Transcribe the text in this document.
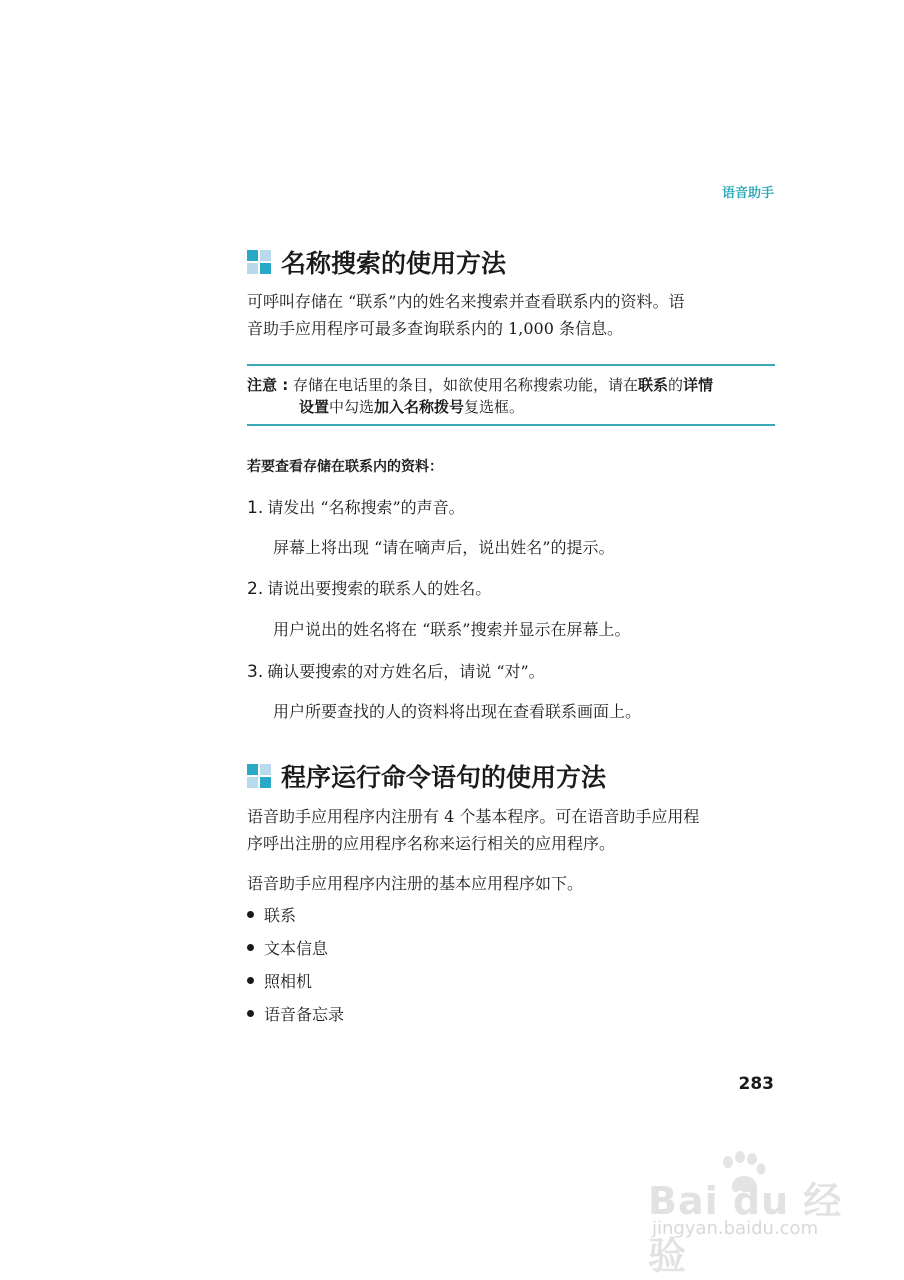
语音助手
名称搜索的使用方法
可呼叫存储在 “联系”内的姓名来搜索并查看联系内的资料。语
音助手应用程序可最多查询联系内的 1,000 条信息。
注意 : 存储在电话里的条目，如欲使用名称搜索功能，请在联系的详情
设置中勾选加入名称拨号复选框。
若要查看存储在联系内的资料：
1. 请发出 “名称搜索”的声音。
屏幕上将出现 “请在嘀声后，说出姓名”的提示。
2. 请说出要搜索的联系人的姓名。
用户说出的姓名将在 “联系”搜索并显示在屏幕上。
3. 确认要搜索的对方姓名后，请说 “对”。
用户所要查找的人的资料将出现在查看联系画面上。
程序运行命令语句的使用方法
语音助手应用程序内注册有 4 个基本程序。可在语音助手应用程
序呼出注册的应用程序名称来运行相关的应用程序。
语音助手应用程序内注册的基本应用程序如下。
联系
文本信息
照相机
语音备忘录
283
Bai du 经验
jingyan.baidu.com
